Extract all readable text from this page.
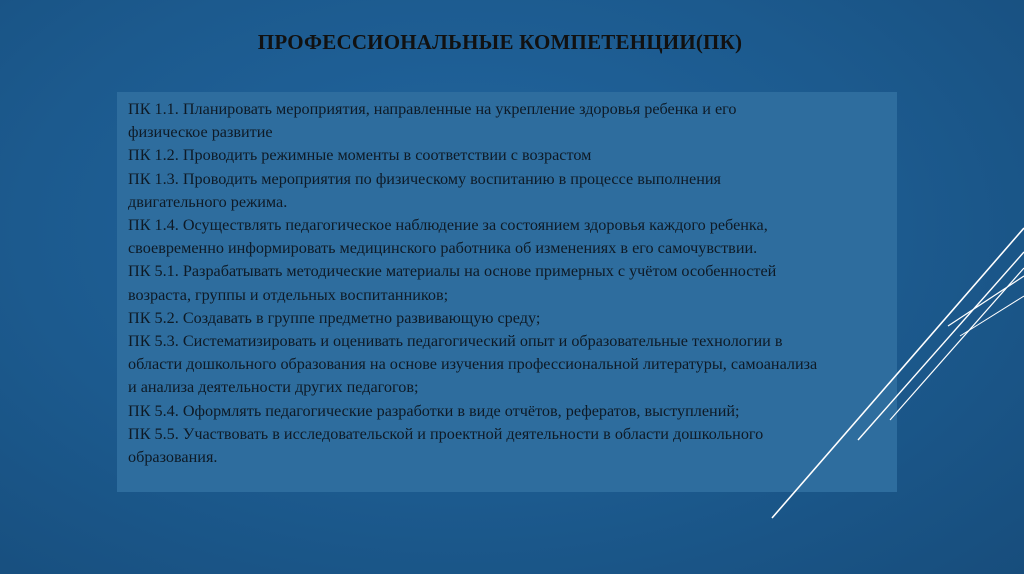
ПРОФЕССИОНАЛЬНЫЕ КОМПЕТЕНЦИИ(ПК)
ПК 1.1. Планировать мероприятия, направленные на укрепление здоровья ребенка и его
физическое развитие
ПК 1.2. Проводить режимные моменты в соответствии с возрастом
ПК 1.3. Проводить мероприятия по физическому воспитанию в процессе выполнения
двигательного режима.
ПК 1.4. Осуществлять педагогическое наблюдение за состоянием здоровья каждого ребенка,
своевременно информировать медицинского работника об изменениях в его самочувствии.
ПК 5.1. Разрабатывать методические материалы на основе примерных с учётом особенностей
возраста, группы и отдельных воспитанников;
ПК 5.2. Создавать в группе предметно развивающую среду;
ПК 5.3. Систематизировать и оценивать педагогический опыт и образовательные технологии в
области дошкольного образования на основе изучения профессиональной литературы, самоанализа
и анализа деятельности других педагогов;
ПК 5.4. Оформлять педагогические разработки в виде отчётов, рефератов, выступлений;
ПК 5.5. Участвовать в исследовательской и проектной деятельности в области дошкольного
образования.
